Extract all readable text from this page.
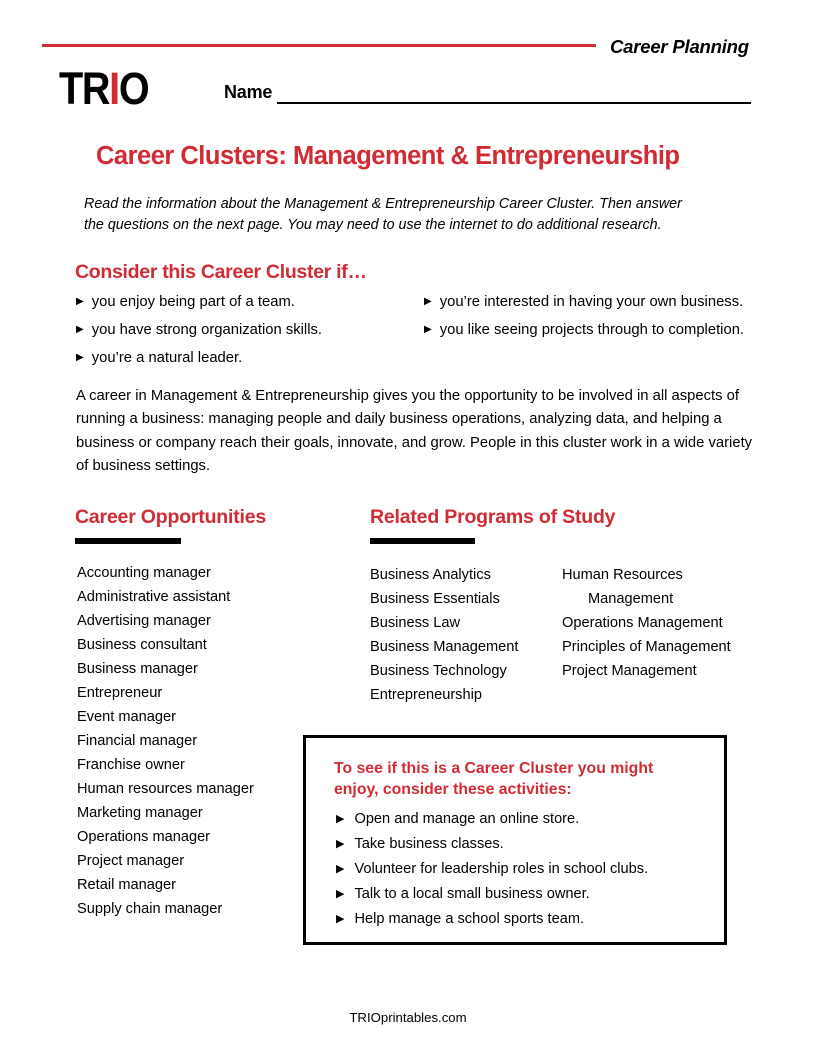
Career Planning
TRIO	Name
Career Clusters: Management & Entrepreneurship
Read the information about the Management & Entrepreneurship Career Cluster. Then answer the questions on the next page. You may need to use the internet to do additional research.
Consider this Career Cluster if…
▶ you enjoy being part of a team.
▶ you have strong organization skills.
▶ you’re a natural leader.
▶ you’re interested in having your own business.
▶ you like seeing projects through to completion.
A career in Management & Entrepreneurship gives you the opportunity to be involved in all aspects of running a business: managing people and daily business operations, analyzing data, and helping a business or company reach their goals, innovate, and grow. People in this cluster work in a wide variety of business settings.
Career Opportunities
Accounting manager
Administrative assistant
Advertising manager
Business consultant
Business manager
Entrepreneur
Event manager
Financial manager
Franchise owner
Human resources manager
Marketing manager
Operations manager
Project manager
Retail manager
Supply chain manager
Related Programs of Study
Business Analytics
Business Essentials
Business Law
Business Management
Business Technology
Entrepreneurship
Human Resources
Management
Operations Management
Principles of Management
Project Management
To see if this is a Career Cluster you might enjoy, consider these activities:
▶ Open and manage an online store.
▶ Take business classes.
▶ Volunteer for leadership roles in school clubs.
▶ Talk to a local small business owner.
▶ Help manage a school sports team.
TRIOprintables.com
